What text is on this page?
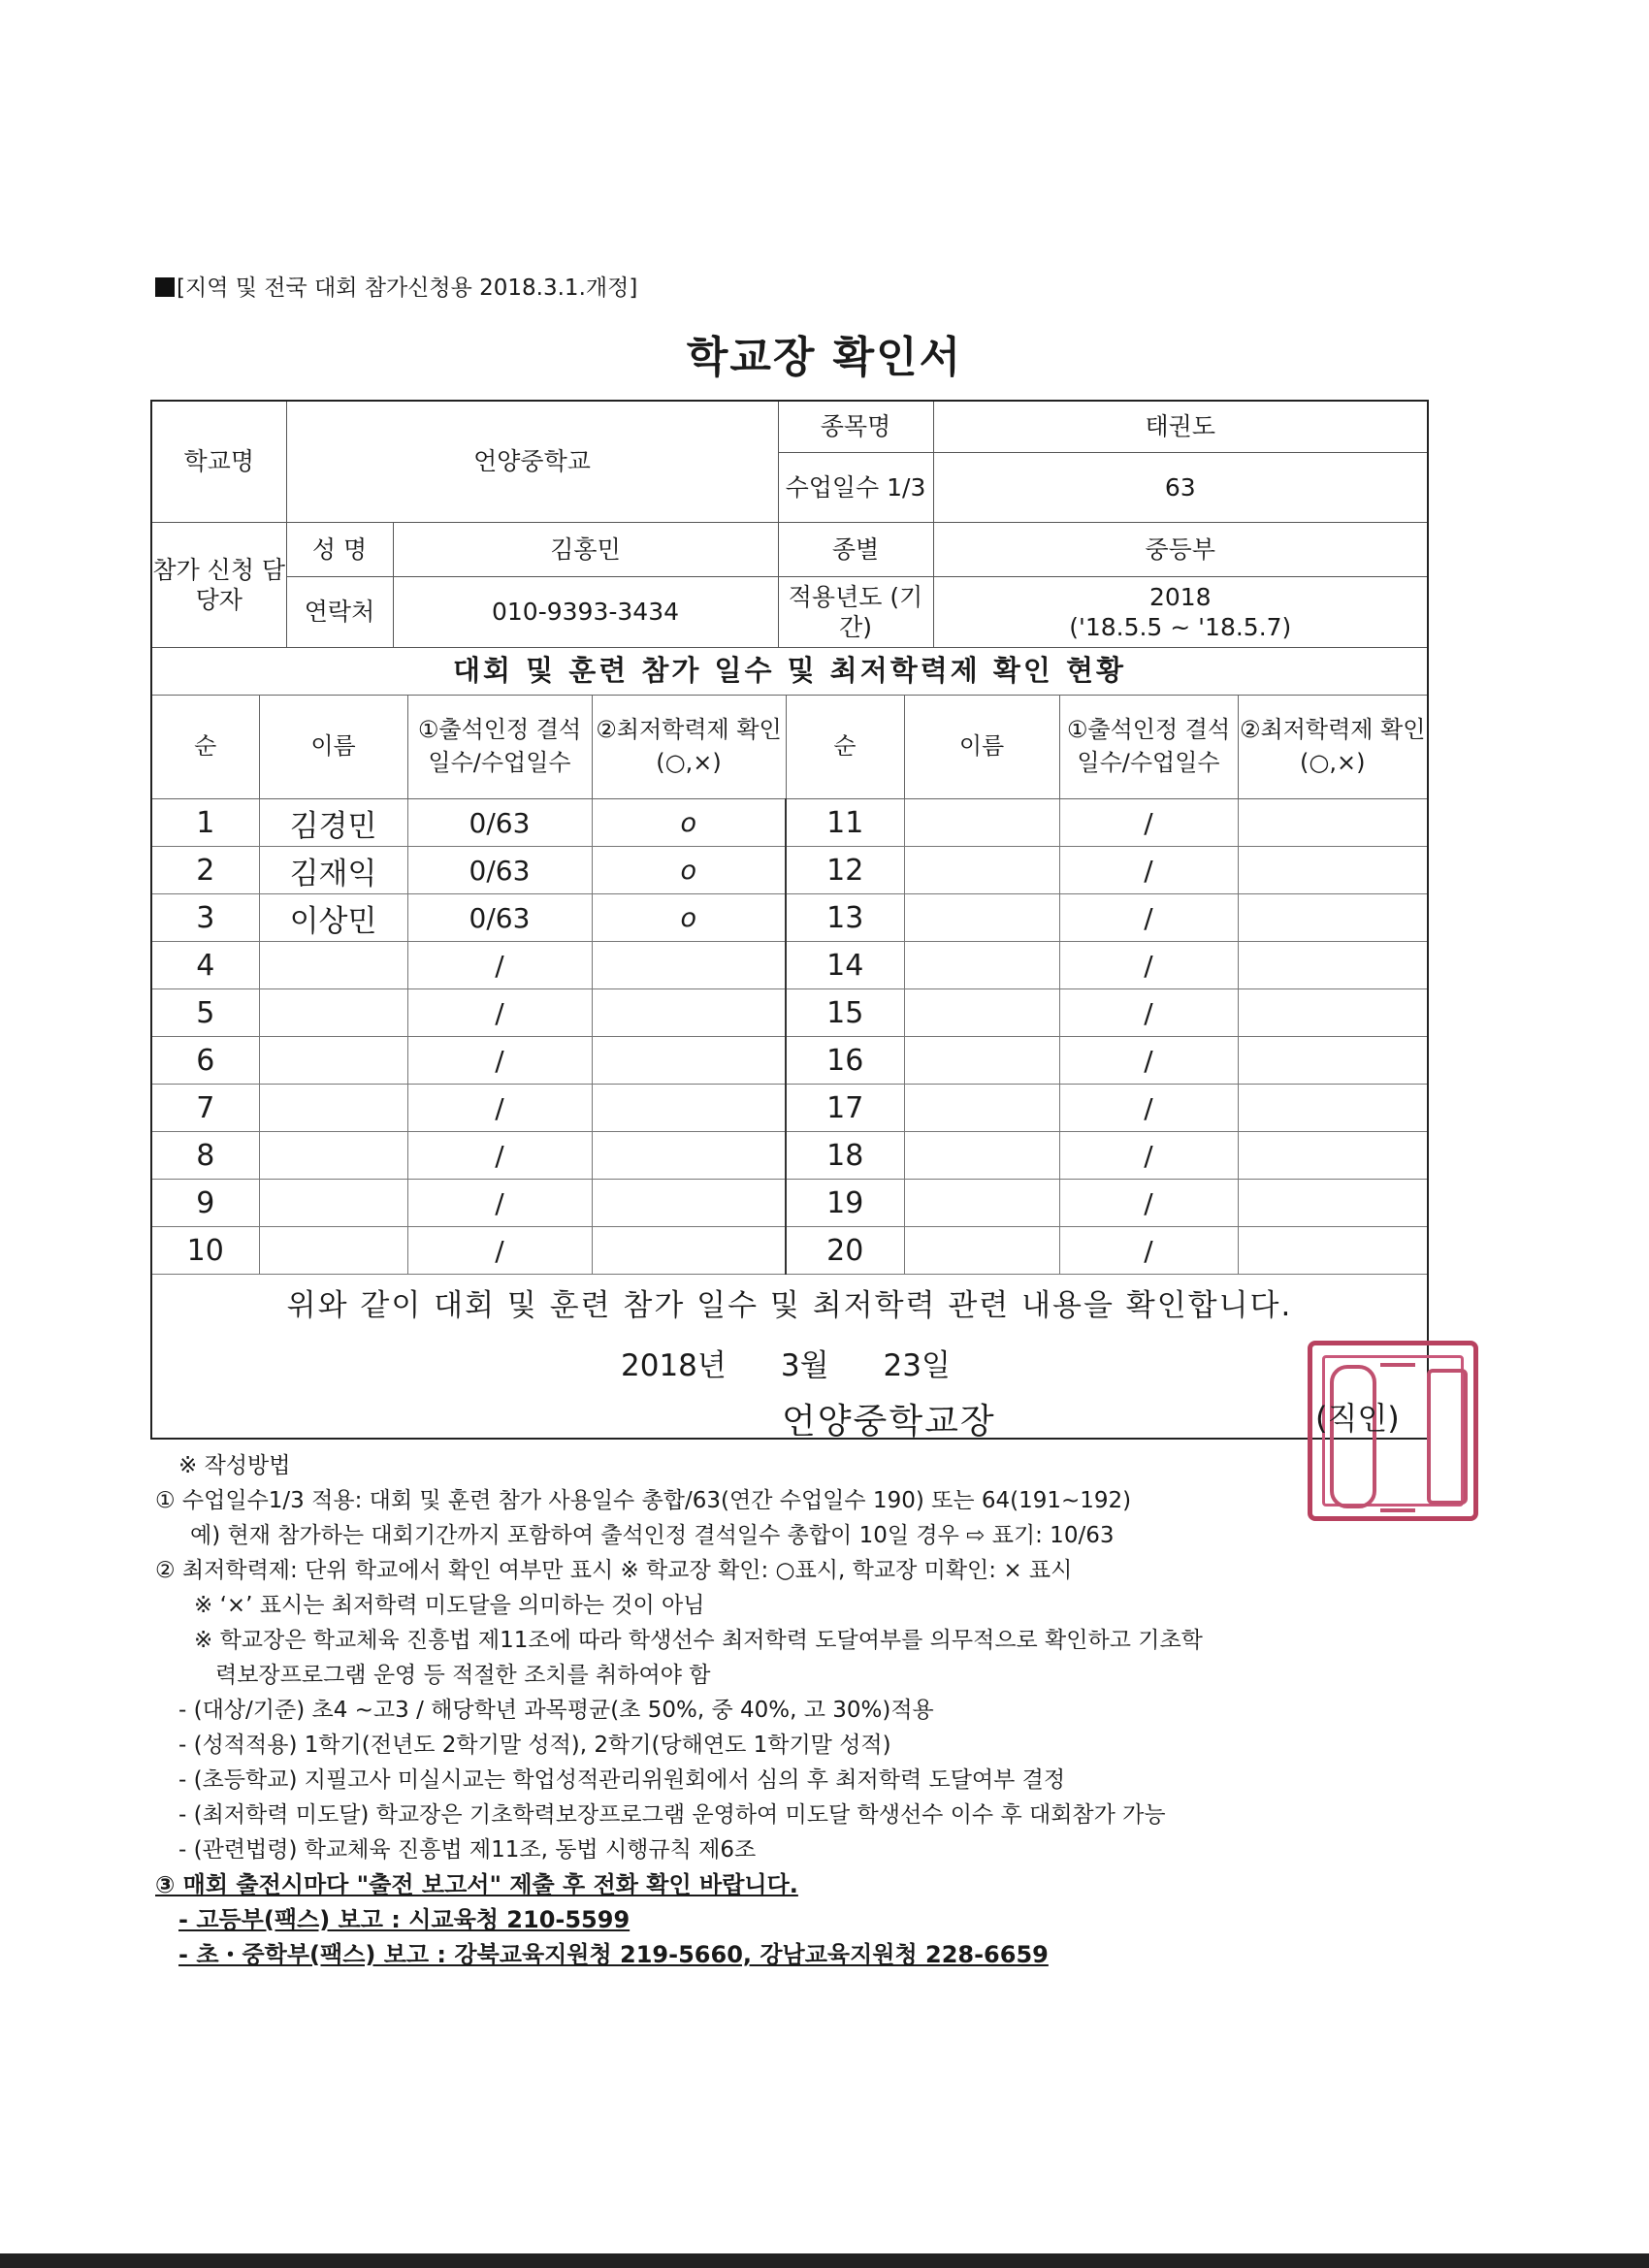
[지역 및 전국 대회 참가신청용 2018.3.1.개정]
학교장 확인서
학교명	언양중학교		종목명	태권도
			수업일수 1/3	63
참가 신청 담당자	성 명	김홍민	종별	중등부
	연락처	010-9393-3434	적용년도 (기간)	2018
('18.5.5 ~ '18.5.7)
대회 및 훈련 참가 일수 및 최저학력제 확인 현황
순	이름	①출석인정 결석일수/수업일수	②최저학력제 확인(○,×)	순	이름	①출석인정 결석일수/수업일수	②최저학력제 확인(○,×)
1	김경민	0/63	o	11		/	
2	김재익	0/63	o	12		/	
3	이상민	0/63	o	13		/	
4		/		14		/	
5		/		15		/	
6		/		16		/	
7		/		17		/	
8		/		18		/	
9		/		19		/	
10		/		20		/	
위와 같이 대회 및 훈련 참가 일수 및 최저학력 관련 내용을 확인합니다.
2018년 3월 23일
언양중학교장	(직인)
※ 작성방법
① 수업일수1/3 적용: 대회 및 훈련 참가 사용일수 총합/63(연간 수업일수 190) 또는 64(191~192)
예) 현재 참가하는 대회기간까지 포함하여 출석인정 결석일수 총합이 10일 경우 ⇨ 표기: 10/63
② 최저학력제: 단위 학교에서 확인 여부만 표시 ※ 학교장 확인: ○표시, 학교장 미확인: × 표시
※ ‘×’ 표시는 최저학력 미도달을 의미하는 것이 아님
※ 학교장은 학교체육 진흥법 제11조에 따라 학생선수 최저학력 도달여부를 의무적으로 확인하고 기초학
력보장프로그램 운영 등 적절한 조치를 취하여야 함
- (대상/기준) 초4 ~고3 / 해당학년 과목평균(초 50%, 중 40%, 고 30%)적용
- (성적적용) 1학기(전년도 2학기말 성적), 2학기(당해연도 1학기말 성적)
- (초등학교) 지필고사 미실시교는 학업성적관리위원회에서 심의 후 최저학력 도달여부 결정
- (최저학력 미도달) 학교장은 기초학력보장프로그램 운영하여 미도달 학생선수 이수 후 대회참가 가능
- (관련법령) 학교체육 진흥법 제11조, 동법 시행규칙 제6조
③ 매회 출전시마다 "출전 보고서" 제출 후 전화 확인 바랍니다.
- 고등부(팩스) 보고 : 시교육청 210-5599
- 초・중학부(팩스) 보고 : 강북교육지원청 219-5660, 강남교육지원청 228-6659
